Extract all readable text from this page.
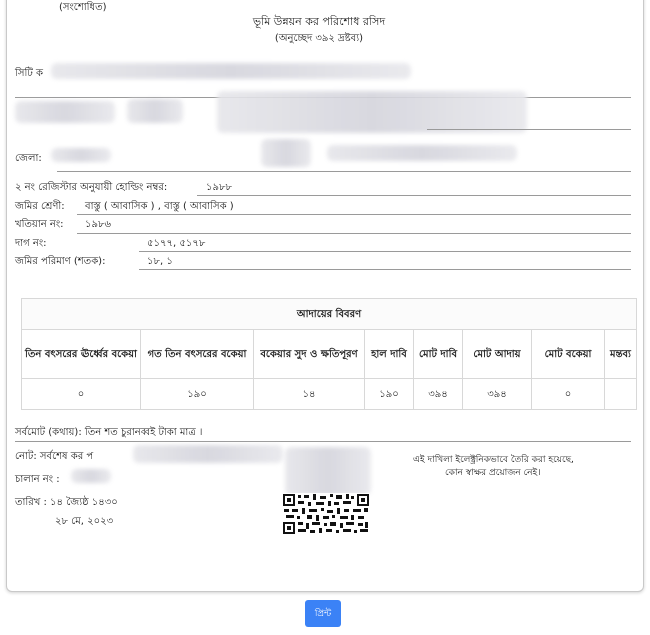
(সংশোধিত)
ভূমি উন্নয়ন কর পরিশোধ রসিদ
(অনুচ্ছেদ ৩৯২ দ্রষ্টব্য)
সিটি ক
জেলা:
২ নং রেজিস্টার অনুযায়ী হোল্ডিং নম্বর:	১৯৮৮
জমির শ্রেণী: বাস্তু ( আবাসিক ) , বাস্তু ( আবাসিক )
খতিয়ান নং: ১৯৮৬
দাগ নং:	৫১৭৭, ৫১৭৮
জমির পরিমাণ (শতক):	১৮, ১
আদায়ের বিবরণ							
তিন বৎসরের ঊর্ধ্বের বকেয়া	গত তিন বৎসরের বকেয়া	বকেয়ার সুদ ও ক্ষতিপূরণ	হাল দাবি	মোট দাবি	মোট আদায়	মোট বকেয়া	মন্তব্য
০	১৯০	১৪	১৯০	৩৯৪	৩৯৪	০	
সর্বমোট (কথায়): তিন শত চুরানব্বই টাকা মাত্র ।
নোট: সর্বশেষ কর প	এই দাখিলা ইলেক্ট্রনিকভাবে তৈরি করা হয়েছে,
কোন স্বাক্ষর প্রয়োজন নেই।
চালান নং :
তারিখ : ১৪ জ্যৈষ্ঠ ১৪৩০
২৮ মে, ২০২৩
প্রিন্ট
